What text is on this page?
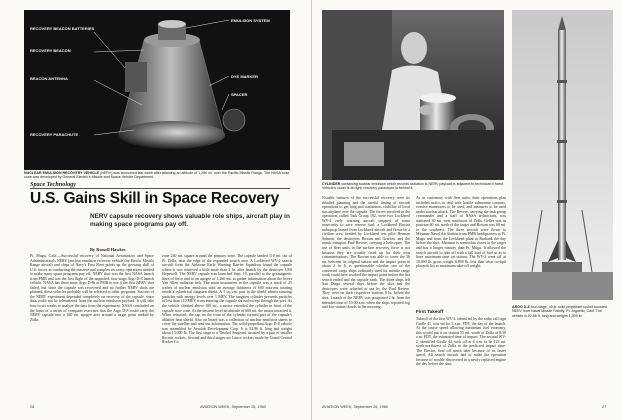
RECOVERY BEACON BATTERIES
RECOVERY BEACON
BEACON ANTENNA
RECOVERY PARACHUTE
EMULSION SYSTEM
DYE MARKER
SPACER
NUCLEAR EMULSION RECOVERY VEHICLE (NERV) was recovered last week after attaining an altitude of 1,260 mi. over the Pacific Missile Range. The NASA nose cone was developed by General Electric's Missile and Space Vehicle Department.
Space Technology
U.S. Gains Skill in Space Recovery
NERV capsule recovery shows valuable role ships, aircraft play in making space programs pay off.
By Russell Hawkes
Pt. Mugu, Calif.—Successful recovery of National Aeronautics and Space Administration's NERV (nuclear emulsion recovery vehicle) by Pacific Missile Range aircraft and ships of Navy's First Fleet points up the growing skill of U.S. forces in conducting the massive and complex recovery operations needed to make many space programs pay off. NERV shot was the first NASA launch from PMR and was the first flight of the unguided, four-stage Argo D-8 launch vehicle. NASA has three more Argo D-8s at PMR to use if the first NERV shot failed, but since the capsule was recovered and no further NERV shots are planned, these vehicles probably will be released to other programs. Success of the NERV experiment depended completely on recovery of the capsule, since data could not be telemetered from the nuclear emulsion payload. It will take four to six weeks to analyze the data from the experiment. NASA concluded on the basis of a series of computer exercises that the Argo D-8 could carry the NERV capsule into a 160 mi. apogee area around a target point ranked by Zidla.
zone 240 mi. square around the primary zone. The capsule landed 110 mi. out of Pt. Zidla, near the edge of the expanded search area. A Lockheed WV-2 search aircraft from the Airborne Early Warning Barrier Squadron found the capsule where it was retrieved a little more than 2 hr. after launch by the destroyer USS Hopewell. The NERV capsule was launched Sept. 10, parallel to the geomagnetic lines of force and to an apogee of 1,260 mi. to gather information about the lower Van Allen radiation belt. The main instrument in the capsule was a stack of 25 wafers of nuclear emulsion with an average thickness of 600 microns rotating inside a cylindrical tungsten shield. A 1 sq. cm. port in the shield admits ionizing particles with energy levels over 1 MEV. The tungsten cylinder prevents particles of less than 110 MEV from entering the capsule shroud except through the port. As the vehicle climbed above 100 mi., a motor extended the cylinder in front of the capsule nose cone. At the descent level an altitude of 600 mi. the motor retracted it. When retracted, the cap on the front of the cylinder formed part of the capsule's ablative heat shield. Also on board was a collection of nuclear emulsion sheets to cover the satellite and read out information. The solid-propellant Argo D-8 vehicle was assembled by Aerolab Development Corp. It is 52.86 ft. long and weighs about 13,000 lb. The first stage is a Thiokol Sergeant, assisted by a pair of smaller Recruit rockets. Second and third stages are Lance rockets made by Grand Central Rocket Co.
26	AVIATION WEEK, September 26, 1960
CYLINDER containing nuclear emulsion which records radiation is NERV payload is adjacent to technician's hand. Vehicle's cover is at right; recovery parachute is behind it.
Notable features of the successful recovery were its detailed planning and the careful timing of aircraft operations to get long and continuous visibility of local sun airplane over the capsule. The forces involved in the operation, called Task Group 192, were two Lockheed WV-2 early warning aircraft stripped of some nosecurity to save reserve fuel, a Lockheed Electra turboprop leased from Lockheed aircraft and flown by a civilian crew headed by Lockheed test pilot Herman Salmon, the destroyers Rowan and Grafton, and the attack transport Paul Revere, carrying a helicopter. The use of fleet units in the surface recovery force is not because they are usually fixed up for their own communications. The Rowan was able to cover the 56 mi. between its original station and the impact point in about 2 hr. It is questionable whether one of the converted cargo ships ordinarily used for missile range work could have reached the impact point before the hot search ended and the capsule sank. The three ships left San Diego several days before the shot and the destroyers were refueled at sea by the Paul Revere. They were on their respective stations 6 hr. before the shot. Launch of the NERV was postponed 2 hr. from the intended time of 10:00 a.m. when the ships reported fog and low stratus clouds in the morning.
As in customary with fleet units, their operations plan included tactics to deal with hostile submarine contacts, evasive maneuvers to be used, and measures to be used under nuclear attack. The Revere, carrying the task group commander and a staff of NASA technicians, was stationed 30 mi. west southwest of Zidla. Geller was in position 60 mi. north of the target and Rowan was 60 mi. to the southeast. The three aircraft were flown to Miramar Naval Air Station from PMR headquarters at Pt. Mugu and from the Lockheed plant at Burbank the day before the shot. Miramar is somewhat closer to the target and has a longer runway than Pt. Mugu. It allowed the search aircraft to take off with a full load of fuel so as to have maximum time on station. The WV-2 went off at 10,000 lb. gross weight 6,000 lb. less than what cockpit placards list as maximum take-off weight.
First Takeoff
Takeoff of the first WV-2, identified by the radio call sign Girdle 41, was set for 5 a.m. PDT, the day of the launch. At the cruise speed allowing maximum fuel economy, this would put it on station 55 mi. south of Zidla at 8:30 a.m. PDT, the estimated time of impact. The second WV-2, identified Girdle 42, took off at 6 a.m. to be 123 mi. north-northwest of Zidla at the predicted impact time. The Electra, Seal off much later because of its faster speed. All search aircraft had to make the operation because of trouble discovered in a newly replaced engine the day before the shot.
ARGO D-8 four-stage, 45-ft. solid propellant rocket boosted NERV from Naval Missile Facility, Pt. Arguello, Calif. The vehicle is 52.86 ft. long and weighs 1,300 lb.
AVIATION WEEK, September 26, 1960	27
